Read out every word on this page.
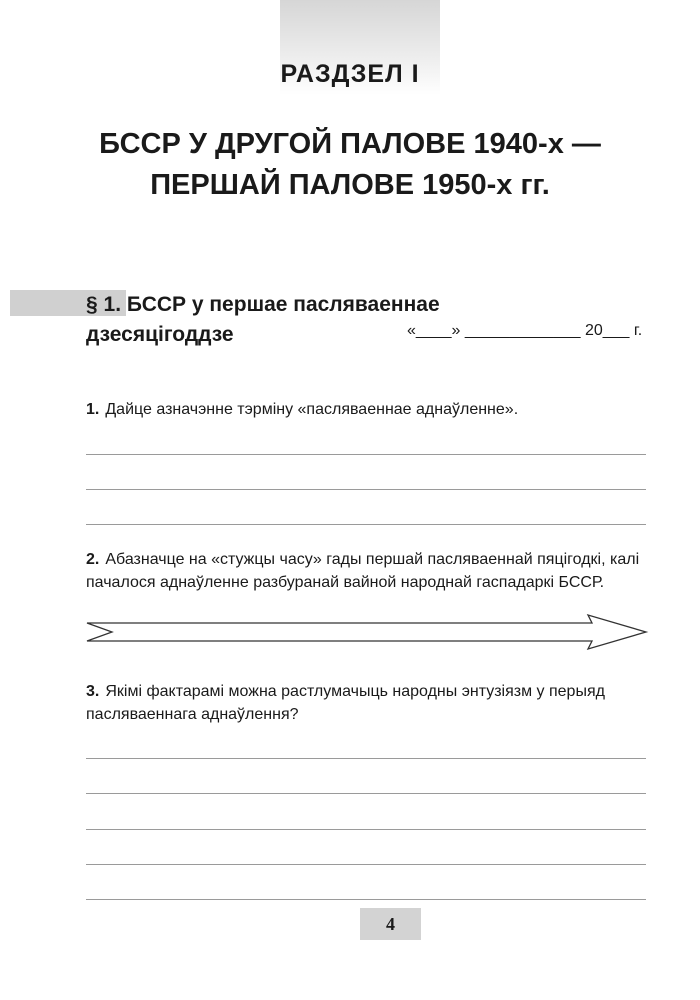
РАЗДЗЕЛ I
БССР У ДРУГОЙ ПАЛОВЕ 1940-х —
ПЕРШАЙ ПАЛОВЕ 1950-х гг.
§ 1. БССР у першае пасляваеннае
дзесяцігоддзе	«____» _____________ 20___ г.
1. Дайце азначэнне тэрміну «пасляваеннае аднаўленне».
2. Абазначце на «стужцы часу» гады першай пасляваеннай пяцігодкі, калі пачалося аднаўленне разбуранай вайной народнай гаспадаркі БССР.
3. Якімі фактарамі можна растлумачыць народны энтузіязм у перыяд пасляваеннага аднаўлення?
4
